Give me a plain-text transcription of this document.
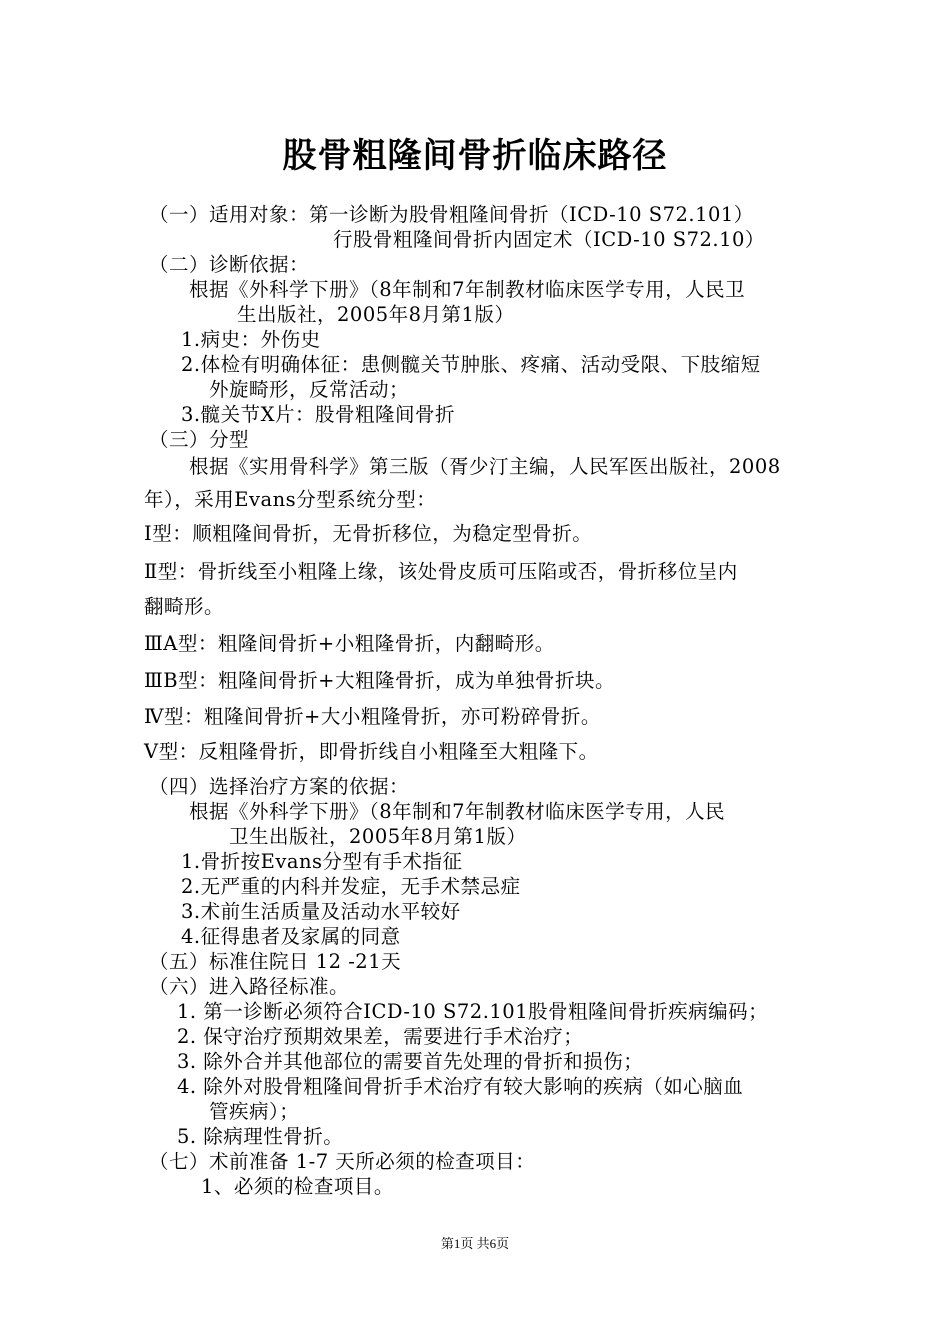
股骨粗隆间骨折临床路径
（一）适用对象：第一诊断为股骨粗隆间骨折（ICD-10 S72.101）
行股骨粗隆间骨折内固定术（ICD-10 S72.10）
（二）诊断依据：
根据《外科学下册》（8年制和7年制教材临床医学专用，人民卫
生出版社，2005年8月第1版）
1.病史：外伤史
2.体检有明确体征：患侧髋关节肿胀、疼痛、活动受限、下肢缩短
外旋畸形，反常活动；
3.髋关节X片：股骨粗隆间骨折
（三）分型
根据《实用骨科学》第三版（胥少汀主编，人民军医出版社，2008
年），采用Evans分型系统分型：
Ⅰ型：顺粗隆间骨折，无骨折移位，为稳定型骨折。
Ⅱ型：骨折线至小粗隆上缘，该处骨皮质可压陷或否，骨折移位呈内
翻畸形。
ⅢA型：粗隆间骨折+小粗隆骨折，内翻畸形。
ⅢB型：粗隆间骨折+大粗隆骨折，成为单独骨折块。
Ⅳ型：粗隆间骨折+大小粗隆骨折，亦可粉碎骨折。
Ⅴ型：反粗隆骨折，即骨折线自小粗隆至大粗隆下。
（四）选择治疗方案的依据：
根据《外科学下册》（8年制和7年制教材临床医学专用，人民
卫生出版社，2005年8月第1版）
1.骨折按Evans分型有手术指征
2.无严重的内科并发症，无手术禁忌症
3.术前生活质量及活动水平较好
4.征得患者及家属的同意
（五）标准住院日 12 -21天
（六）进入路径标准。
1. 第一诊断必须符合ICD-10 S72.101股骨粗隆间骨折疾病编码；
2. 保守治疗预期效果差，需要进行手术治疗；
3. 除外合并其他部位的需要首先处理的骨折和损伤；
4. 除外对股骨粗隆间骨折手术治疗有较大影响的疾病（如心脑血
管疾病）；
5. 除病理性骨折。
（七）术前准备 1-7 天所必须的检查项目：
1、必须的检查项目。
第1页 共6页
